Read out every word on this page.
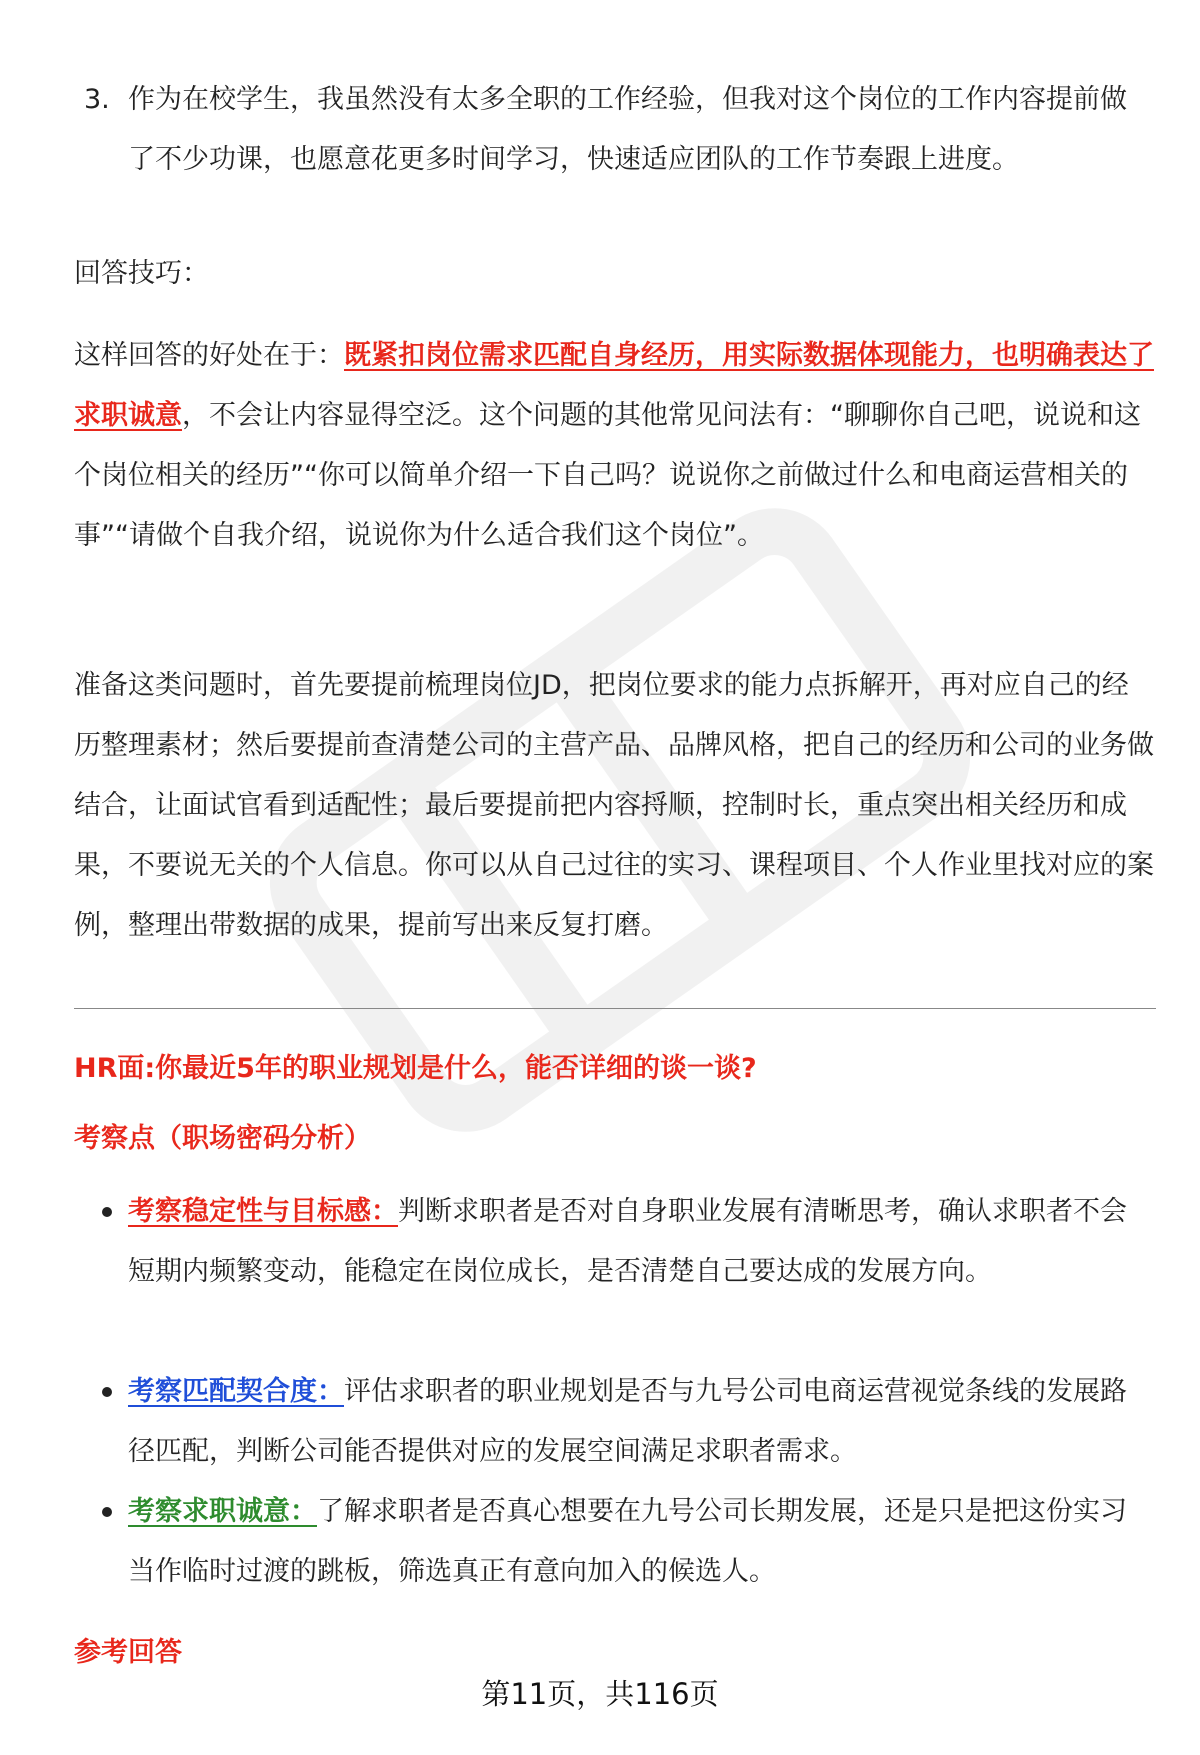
3. 作为在校学生，我虽然没有太多全职的工作经验，但我对这个岗位的工作内容提前做了不少功课，也愿意花更多时间学习，快速适应团队的工作节奏跟上进度。
回答技巧：
这样回答的好处在于：既紧扣岗位需求匹配自身经历，用实际数据体现能力，也明确表达了求职诚意，不会让内容显得空泛。这个问题的其他常见问法有：“聊聊你自己吧，说说和这个岗位相关的经历”“你可以简单介绍一下自己吗？说说你之前做过什么和电商运营相关的事”“请做个自我介绍，说说你为什么适合我们这个岗位”。
准备这类问题时，首先要提前梳理岗位JD，把岗位要求的能力点拆解开，再对应自己的经历整理素材；然后要提前查清楚公司的主营产品、品牌风格，把自己的经历和公司的业务做结合，让面试官看到适配性；最后要提前把内容捋顺，控制时长，重点突出相关经历和成果，不要说无关的个人信息。你可以从自己过往的实习、课程项目、个人作业里找对应的案例，整理出带数据的成果，提前写出来反复打磨。
HR面:你最近5年的职业规划是什么，能否详细的谈一谈?
考察点（职场密码分析）
考察稳定性与目标感：判断求职者是否对自身职业发展有清晰思考，确认求职者不会短期内频繁变动，能稳定在岗位成长，是否清楚自己要达成的发展方向。
考察匹配契合度：评估求职者的职业规划是否与九号公司电商运营视觉条线的发展路径匹配，判断公司能否提供对应的发展空间满足求职者需求。
考察求职诚意：了解求职者是否真心想要在九号公司长期发展，还是只是把这份实习当作临时过渡的跳板，筛选真正有意向加入的候选人。
参考回答
第11页，共116页
